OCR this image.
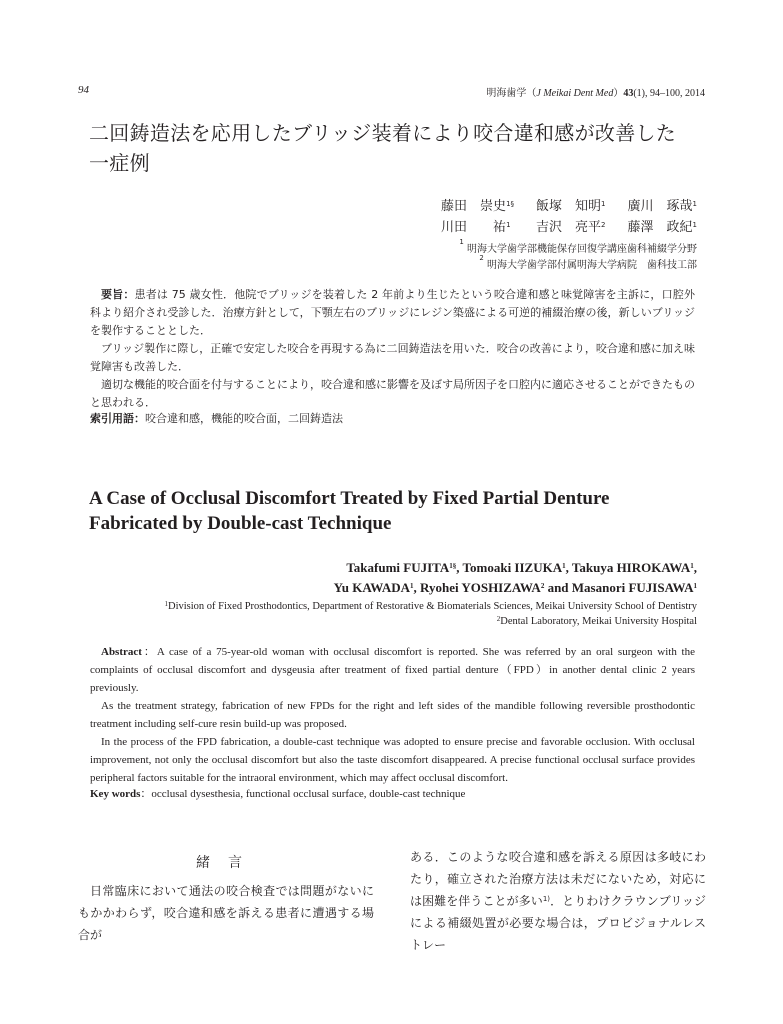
94	明海歯学（J Meikai Dent Med）43(1), 94–100, 2014
二回鋳造法を応用したブリッジ装着により咬合違和感が改善した
一症例
藤田　崇史$^{1\S}$	飯塚　知明$^1$	廣川　琢哉$^1$
川田　　祐$^1$	吉沢　亮平$^2$	藤澤　政紀$^1$
$^1$ 明海大学歯学部機能保存回復学講座歯科補綴学分野
$^2$ 明海大学歯学部付属明海大学病院　歯科技工部

要旨：患者は 75 歳女性．他院でブリッジを装着した 2 年前より生じたという咬合違和感と味覚障害を主訴に，口腔外科より紹介され受診した．治療方針として，下顎左右のブリッジにレジン築盛による可逆的補綴治療の後，新しいブリッジを製作することとした．

ブリッジ製作に際し，正確で安定した咬合を再現する為に二回鋳造法を用いた．咬合の改善により，咬合違和感に加え味覚障害も改善した．

適切な機能的咬合面を付与することにより，咬合違和感に影響を及ぼす局所因子を口腔内に適応させることができたものと思われる．

索引用語：咬合違和感，機能的咬合面，二回鋳造法
A Case of Occlusal Discomfort Treated by Fixed Partial Denture
Fabricated by Double-cast Technique
Takafumi $FUJITA^{1\S}$, Tomoaki IIZUKA$^1$, Takuya HIROKAWA$^1$,
Yu KAWADA$^1$, Ryohei YOSHIZAWA$^2$ and Masanori FUJISAWA$^1$
$^1$Division of Fixed Prosthodontics, Department of Restorative & Biomaterials Sciences, Meikai University School of Dentistry
$^2$Dental Laboratory, Meikai University Hospital

Abstract：A case of a 75-year-old woman with occlusal discomfort is reported. She was referred by an oral surgeon with the complaints of occlusal discomfort and dysgeusia after treatment of fixed partial denture（FPD）in another dental clinic 2 years previously.

As the treatment strategy, fabrication of new FPDs for the right and left sides of the mandible following reversible prosthodontic treatment including self-cure resin build-up was proposed.

In the process of the FPD fabrication, a double-cast technique was adopted to ensure precise and favorable occlusion. With occlusal improvement, not only the occlusal discomfort but also the taste discomfort disappeared. A precise functional occlusal surface provides peripheral factors suitable for the intraoral environment, which may affect occlusal discomfort.

Key words：occlusal dysesthesia, functional occlusal surface, double-cast technique
緒言

日常臨床において通法の咬合検査では問題がないにもかかわらず，咬合違和感を訴える患者に遭遇する場合が

ある．このような咬合違和感を訴える原因は多岐にわたり，確立された治療方法は未だにないため，対応には困難を伴うことが多い$^{1)}$．とりわけクラウンブリッジによる補綴処置が必要な場合は，プロビジョナルレストレー
